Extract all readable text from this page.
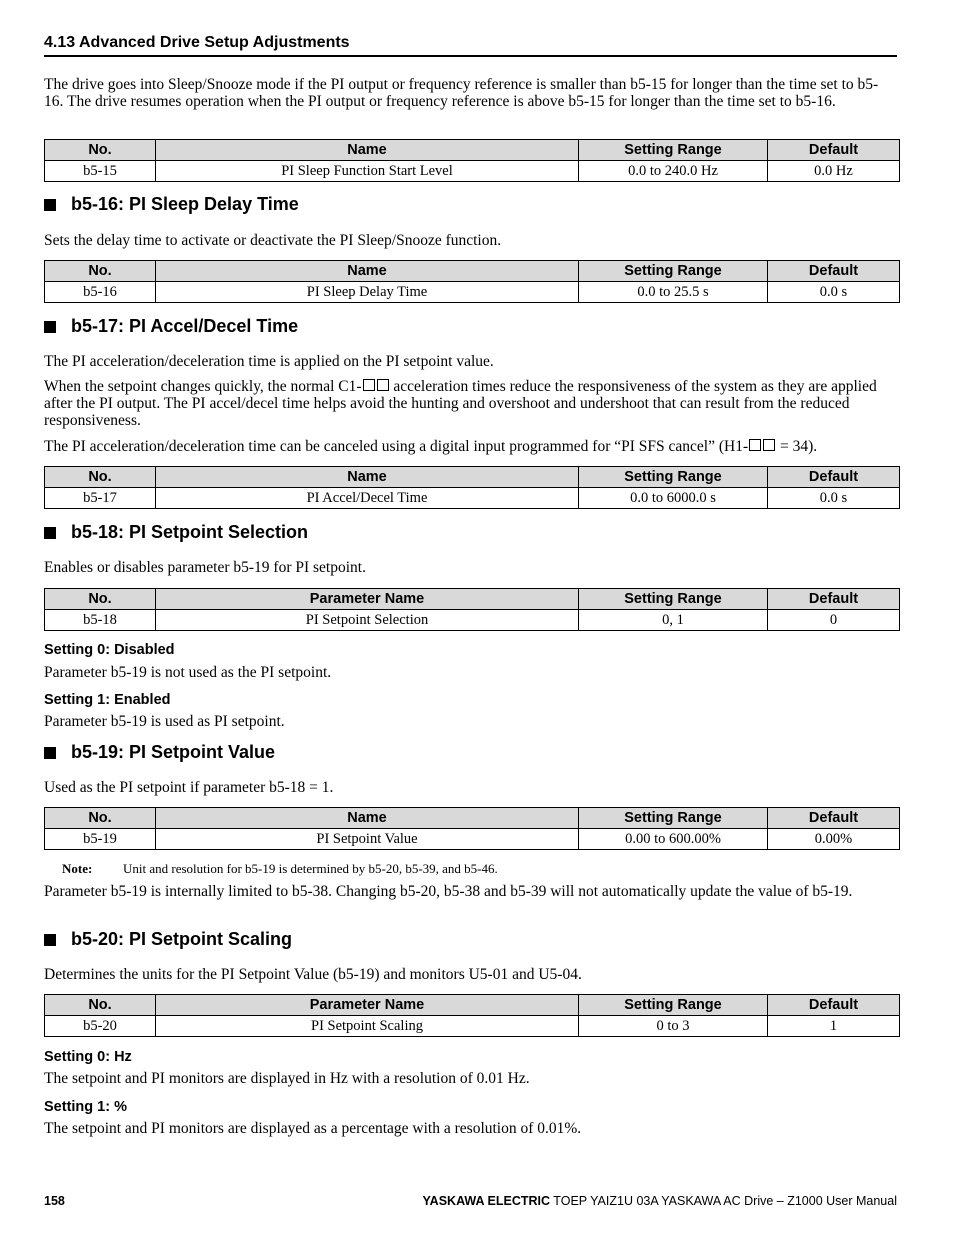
4.13 Advanced Drive Setup Adjustments

The drive goes into Sleep/Snooze mode if the PI output or frequency reference is smaller than b5-15 for longer than the time set to b5-16. The drive resumes operation when the PI output or frequency reference is above b5-15 for longer than the time set to b5-16.

No.	Name	Setting Range	Default
b5-15	PI Sleep Function Start Level	0.0 to 240.0 Hz	0.0 Hz
b5-16: PI Sleep Delay Time

Sets the delay time to activate or deactivate the PI Sleep/Snooze function.

No.	Name	Setting Range	Default
b5-16	PI Sleep Delay Time	0.0 to 25.5 s	0.0 s
b5-17: PI Accel/Decel Time

The PI acceleration/deceleration time is applied on the PI setpoint value.

When the setpoint changes quickly, the normal C1- acceleration times reduce the responsiveness of the system as they are applied after the PI output. The PI accel/decel time helps avoid the hunting and overshoot and undershoot that can result from the reduced responsiveness.

The PI acceleration/deceleration time can be canceled using a digital input programmed for “PI SFS cancel” (H1- = 34).

No.	Name	Setting Range	Default
b5-17	PI Accel/Decel Time	0.0 to 6000.0 s	0.0 s
b5-18: PI Setpoint Selection

Enables or disables parameter b5-19 for PI setpoint.

No.	Parameter Name	Setting Range	Default
b5-18	PI Setpoint Selection	0, 1	0
Setting 0: Disabled

Parameter b5-19 is not used as the PI setpoint.

Setting 1: Enabled

Parameter b5-19 is used as PI setpoint.

b5-19: PI Setpoint Value

Used as the PI setpoint if parameter b5-18 = 1.

No.	Name	Setting Range	Default
b5-19	PI Setpoint Value	0.00 to 600.00%	0.00%
Note: Unit and resolution for b5-19 is determined by b5-20, b5-39, and b5-46.

Parameter b5-19 is internally limited to b5-38. Changing b5-20, b5-38 and b5-39 will not automatically update the value of b5-19.

b5-20: PI Setpoint Scaling

Determines the units for the PI Setpoint Value (b5-19) and monitors U5-01 and U5-04.

No.	Parameter Name	Setting Range	Default
b5-20	PI Setpoint Scaling	0 to 3	1
Setting 0: Hz

The setpoint and PI monitors are displayed in Hz with a resolution of 0.01 Hz.

Setting 1: %

The setpoint and PI monitors are displayed as a percentage with a resolution of 0.01%.

158	YASKAWA ELECTRIC TOEP YAIZ1U 03A YASKAWA AC Drive – Z1000 User Manual
